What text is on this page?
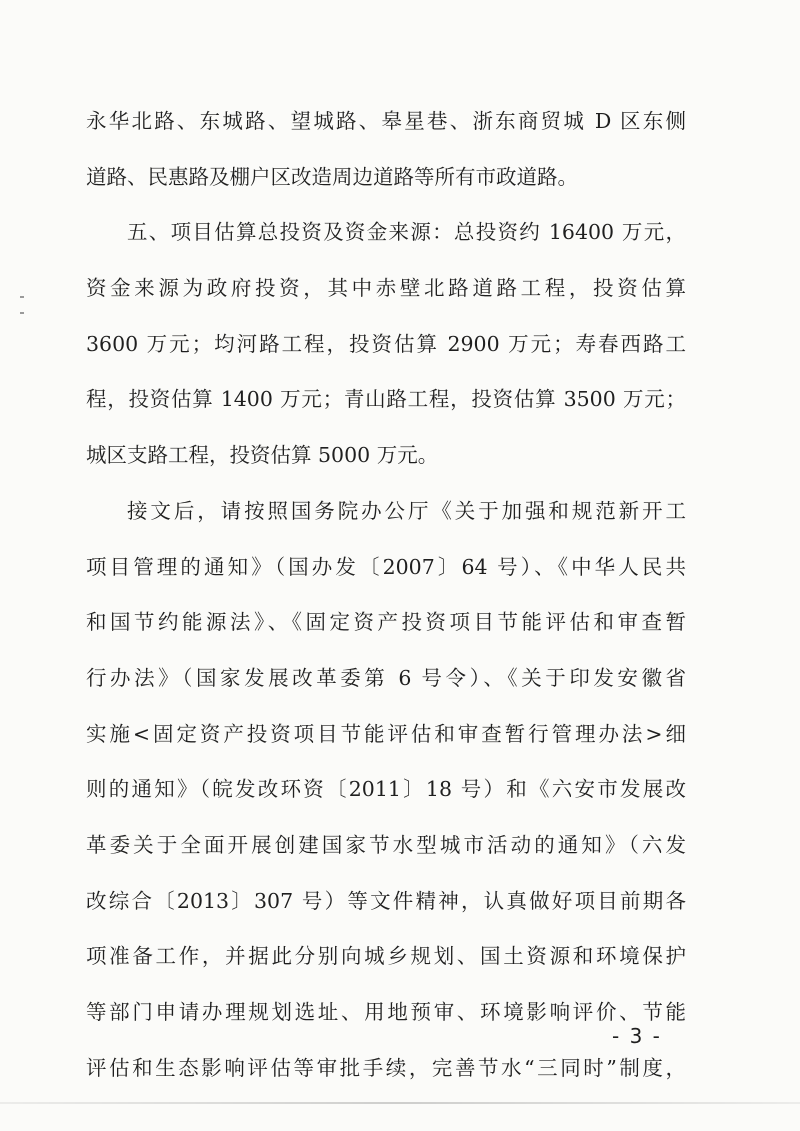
永华北路、东城路、望城路、皋星巷、浙东商贸城 D 区东侧
道路、民惠路及棚户区改造周边道路等所有市政道路。
五、项目估算总投资及资金来源：总投资约 16400 万元，
资金来源为政府投资，其中赤壁北路道路工程，投资估算
3600 万元；均河路工程，投资估算 2900 万元；寿春西路工
程，投资估算 1400 万元；青山路工程，投资估算 3500 万元；
城区支路工程，投资估算 5000 万元。
接文后，请按照国务院办公厅《关于加强和规范新开工
项目管理的通知》（国办发〔2007〕64 号）、《中华人民共
和国节约能源法》、《固定资产投资项目节能评估和审查暂
行办法》（国家发展改革委第 6 号令）、《关于印发安徽省
实施<固定资产投资项目节能评估和审查暂行管理办法>细
则的通知》（皖发改环资〔2011〕18 号）和《六安市发展改
革委关于全面开展创建国家节水型城市活动的通知》（六发
改综合〔2013〕307 号）等文件精神，认真做好项目前期各
项准备工作，并据此分别向城乡规划、国土资源和环境保护
等部门申请办理规划选址、用地预审、环境影响评价、节能
评估和生态影响评估等审批手续，完善节水“三同时”制度，
- 3 -
